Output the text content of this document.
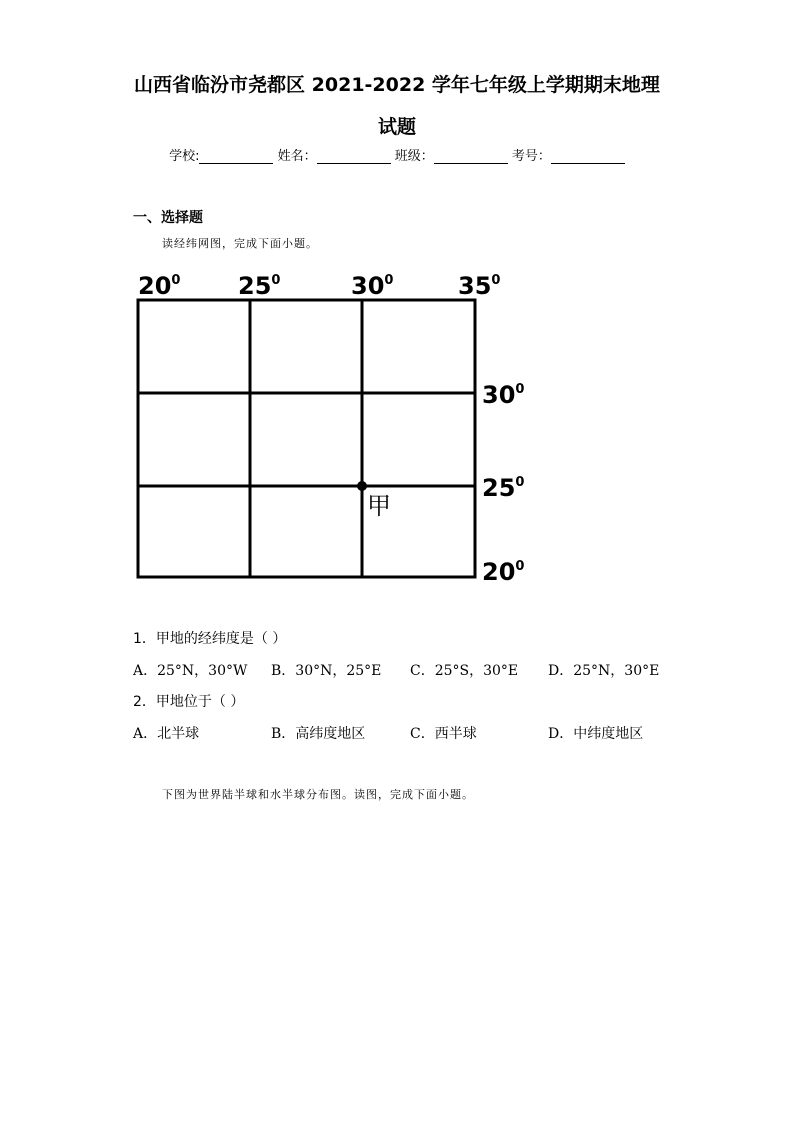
山西省临汾市尧都区 2021-2022 学年七年级上学期期末地理
试题
学校:	姓名：	班级：	考号：
一、选择题
读经纬网图，完成下面小题。
$20^0$ $25^0$	$30^0$	$35^0$
$30^0$
$25^0$
$20^0$
甲
1．甲地的经纬度是（ ）
A．25°N，30°W B．30°N，25°E C．25°S，30°E D．25°N，30°E
2．甲地位于（ ）
A．北半球	B．高纬度地区	C．西半球	D．中纬度地区
下图为世界陆半球和水半球分布图。读图，完成下面小题。
